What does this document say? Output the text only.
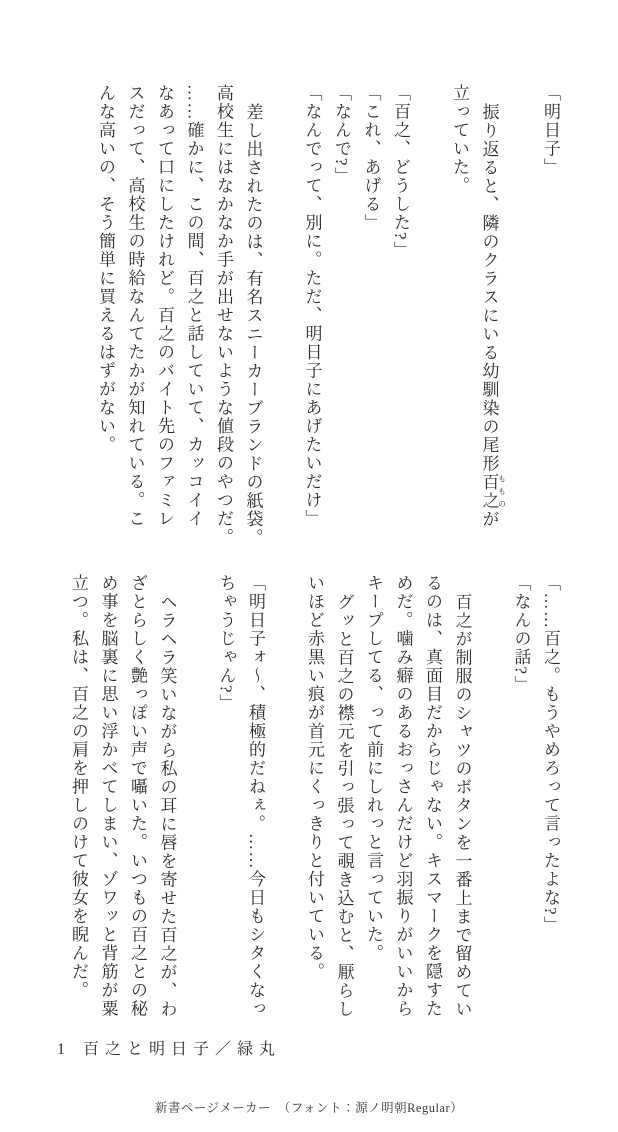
「明日子」

振り返ると、隣のクラスにいる幼馴染の尾形百之 もものが

立っていた。

「百之、どうした?」

「これ、あげる」

「なんで?」

「なんでって、別に。ただ、明日子にあげたいだけ」

差し出されたのは、有名スニーカーブランドの紙袋。

高校生にはなかなか手が出せないような値段のやつだ。

……確かに、この間、百之と話していて、カッコイイ

なあって口にしたけれど。百之のバイト先のファミレ

スだって、高校生の時給なんてたかが知れている。こ

んな高いの、そう簡単に買えるはずがない。

「……百之。もうやめろって言ったよな?」

「なんの話?」

百之が制服のシャツのボタンを一番上まで留めてい

るのは、真面目だからじゃない。キスマークを隠すた

めだ。噛み癖のあるおっさんだけど羽振りがいいから

キープしてる、って前にしれっと言っていた。

グッと百之の襟元を引っ張って覗き込むと、厭らし

いほど赤黒い痕が首元にくっきりと付いている。

「明日子ォ〜、積極的だねぇ。……今日もシタくなっ

ちゃうじゃん?」

ヘラヘラ笑いながら私の耳に唇を寄せた百之が、わ

ざとらしく艶っぽい声で囁いた。いつもの百之との秘

め事を脳裏に思い浮かべてしまい、ゾワッと背筋が粟

立つ。私は、百之の肩を押しのけて彼女を睨んだ。

1 百之と明日子／緑丸
新書ページメーカー　（フォント：源ノ明朝Regular）
